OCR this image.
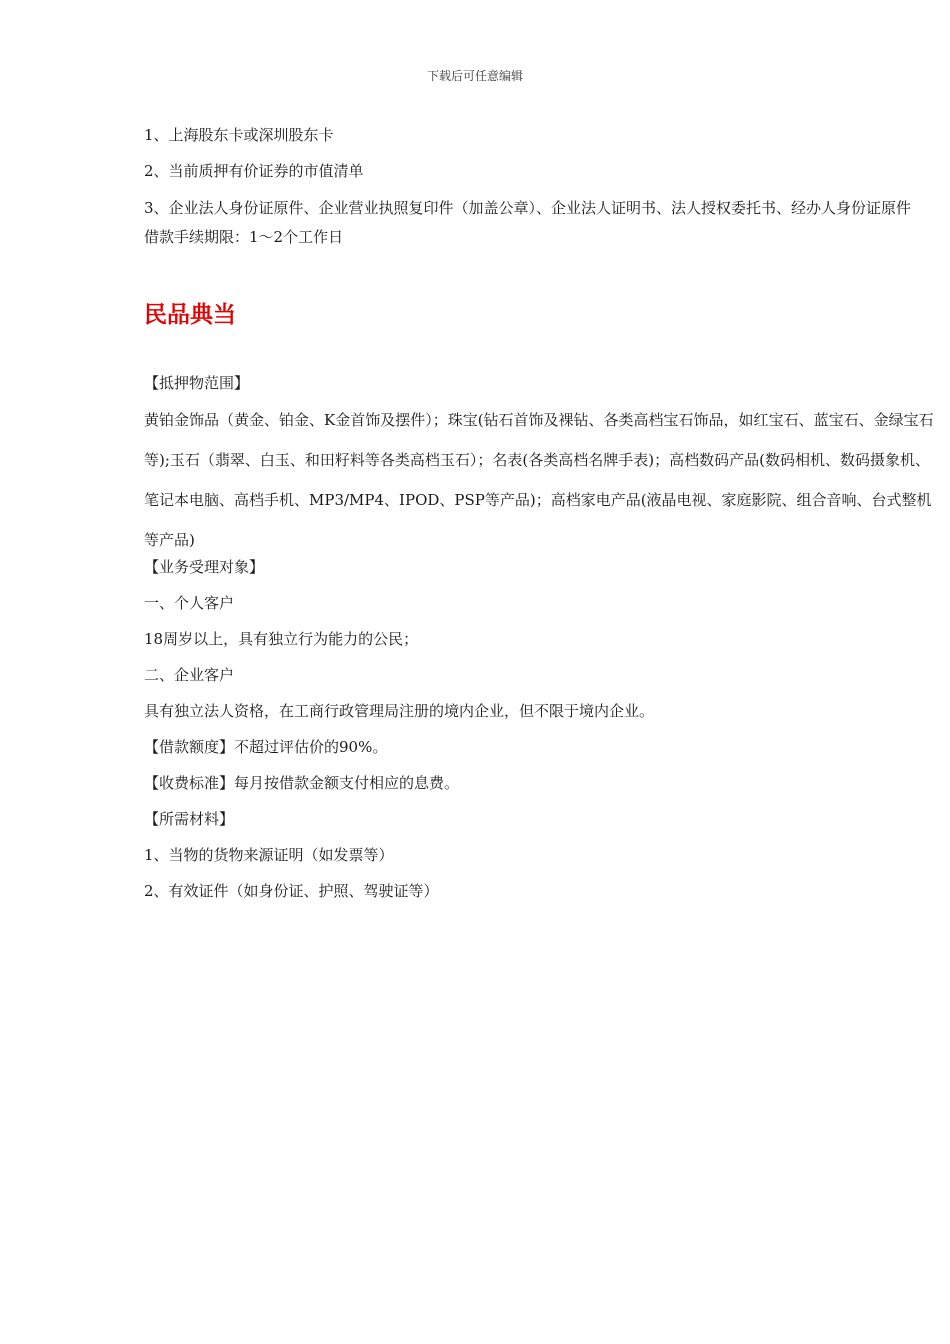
下载后可任意编辑

1、上海股东卡或深圳股东卡

2、当前质押有价证券的市值清单

3、企业法人身份证原件、企业营业执照复印件（加盖公章）、企业法人证明书、法人授权委托书、经办人身份证原件

借款手续期限：1～2个工作日

民品典当

【抵押物范围】

黄铂金饰品（黄金、铂金、K金首饰及摆件）；珠宝(钻石首饰及裸钻、各类高档宝石饰品，如红宝石、蓝宝石、金绿宝石等);玉石（翡翠、白玉、和田籽料等各类高档玉石）；名表(各类高档名牌手表)；高档数码产品(数码相机、数码摄象机、笔记本电脑、高档手机、MP3/MP4、IPOD、PSP等产品)；高档家电产品(液晶电视、家庭影院、组合音响、台式整机等产品)

【业务受理对象】

一、个人客户

18周岁以上，具有独立行为能力的公民；

二、企业客户

具有独立法人资格，在工商行政管理局注册的境内企业，但不限于境内企业。

【借款额度】不超过评估价的90%。

【收费标准】每月按借款金额支付相应的息费。

【所需材料】

1、当物的货物来源证明（如发票等）

2、有效证件（如身份证、护照、驾驶证等）
